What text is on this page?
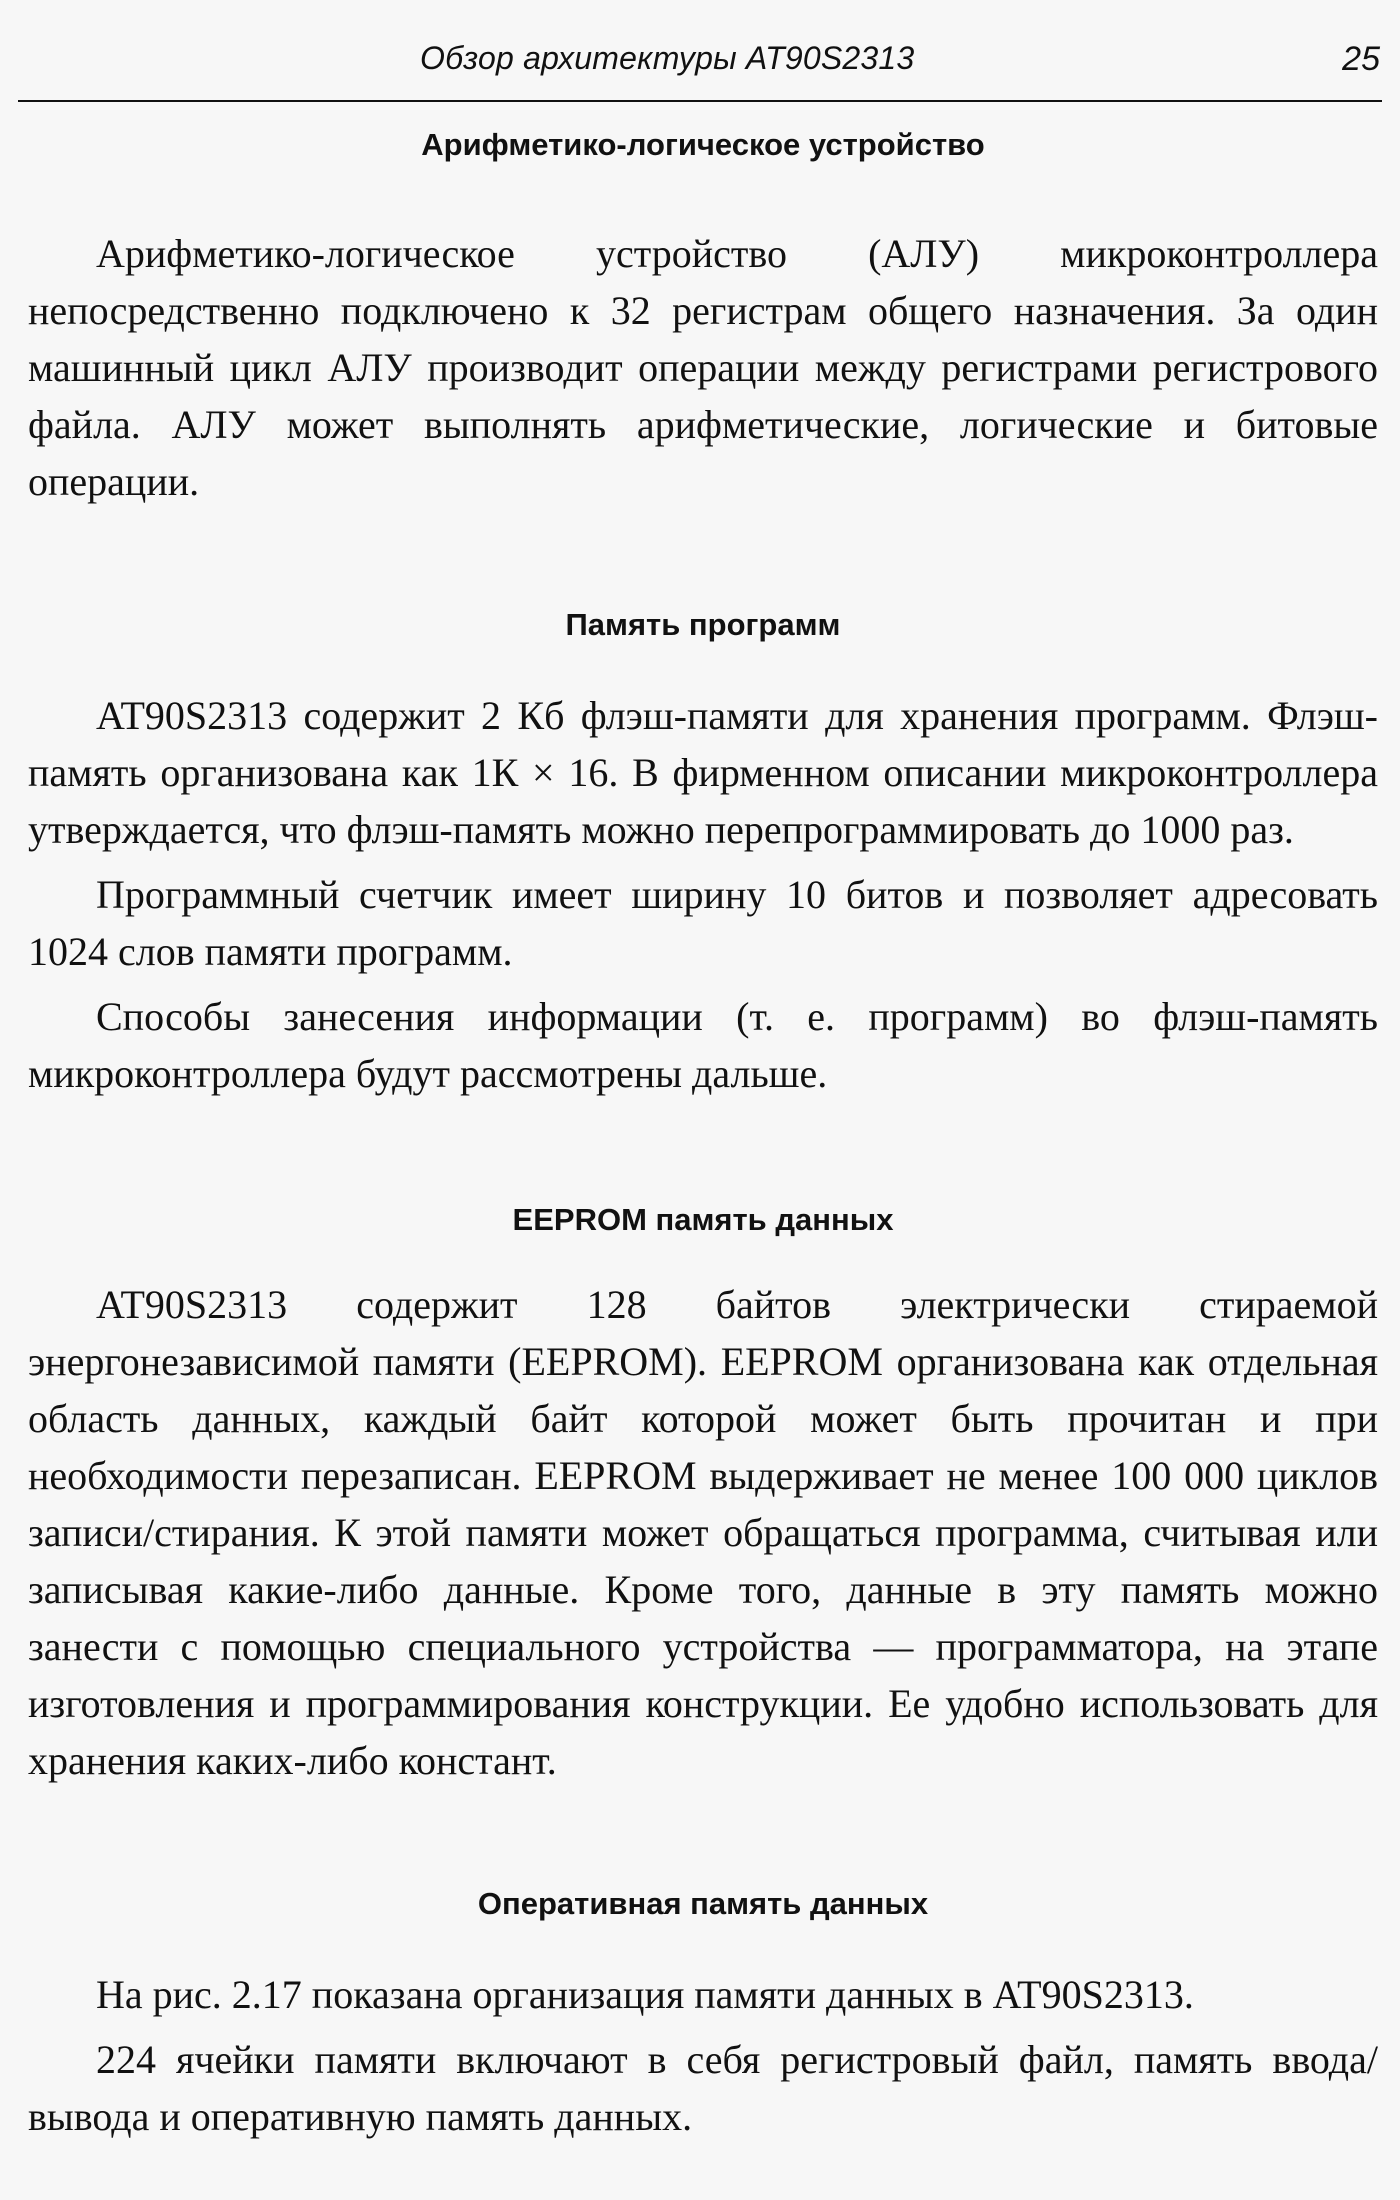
Обзор архитектуры AT90S2313	25
Арифметико-логическое устройство

Арифметико-логическое устройство (АЛУ) микроконтроллера непосредственно подключено к 32 регистрам общего назначения. За один машинный цикл АЛУ производит операции между регистрами регистрового файла. АЛУ может выполнять арифметические, логические и битовые операции.

Память программ

AT90S2313 содержит 2 Кб флэш-памяти для хранения программ. Флэш-память организована как 1К × 16. В фирменном описании микроконтроллера утверждается, что флэш-память можно перепрограммировать до 1000 раз.

Программный счетчик имеет ширину 10 битов и позволяет адресовать 1024 слов памяти программ.

Способы занесения информации (т. е. программ) во флэш-память микроконтроллера будут рассмотрены дальше.

EEPROM память данных

AT90S2313 содержит 128 байтов электрически стираемой энергонезависимой памяти (EEPROM). EEPROM организована как отдельная область данных, каждый байт которой может быть прочитан и при необходимости перезаписан. EEPROM выдерживает не менее 100 000 циклов записи/стирания. К этой памяти может обращаться программа, считывая или записывая какие-либо данные. Кроме того, данные в эту память можно занести с помощью специального устройства — программатора, на этапе изготовления и программирования конструкции. Ее удобно использовать для хранения каких-либо констант.

Оперативная память данных

На рис. 2.17 показана организация памяти данных в AT90S2313.

224 ячейки памяти включают в себя регистровый файл, память ввода/вывода и оперативную память данных.
